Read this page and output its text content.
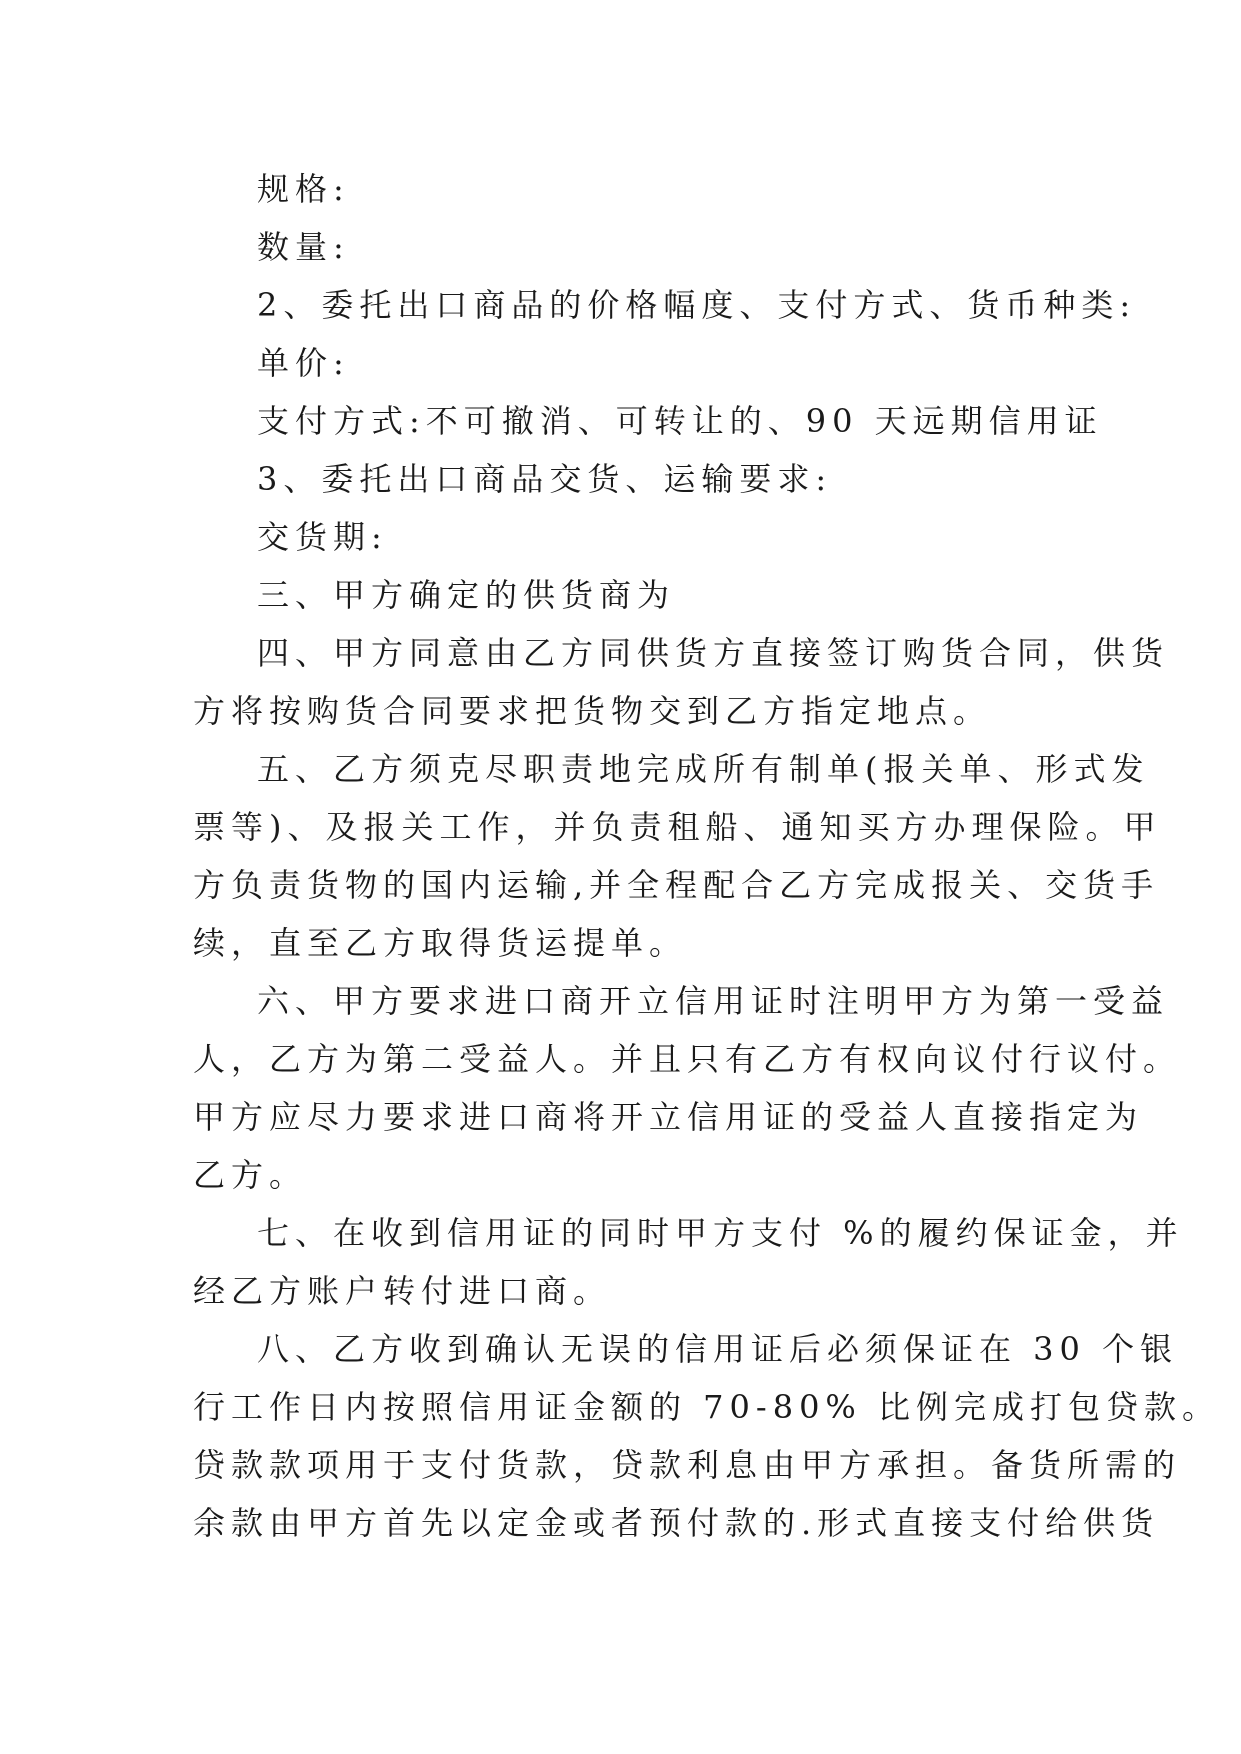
规格:
数量:
2、委托出口商品的价格幅度、支付方式、货币种类:
单价:
支付方式:不可撤消、可转让的、90 天远期信用证
3、委托出口商品交货、运输要求:
交货期:
三、甲方确定的供货商为
四、甲方同意由乙方同供货方直接签订购货合同，供货
方将按购货合同要求把货物交到乙方指定地点。
五、乙方须克尽职责地完成所有制单(报关单、形式发
票等)、及报关工作，并负责租船、通知买方办理保险。甲
方负责货物的国内运输,并全程配合乙方完成报关、交货手
续，直至乙方取得货运提单。
六、甲方要求进口商开立信用证时注明甲方为第一受益
人，乙方为第二受益人。并且只有乙方有权向议付行议付。
甲方应尽力要求进口商将开立信用证的受益人直接指定为
乙方。
七、在收到信用证的同时甲方支付 %的履约保证金，并
经乙方账户转付进口商。
八、乙方收到确认无误的信用证后必须保证在 30 个银
行工作日内按照信用证金额的 70-80% 比例完成打包贷款。
贷款款项用于支付货款，贷款利息由甲方承担。备货所需的
余款由甲方首先以定金或者预付款的.形式直接支付给供货
